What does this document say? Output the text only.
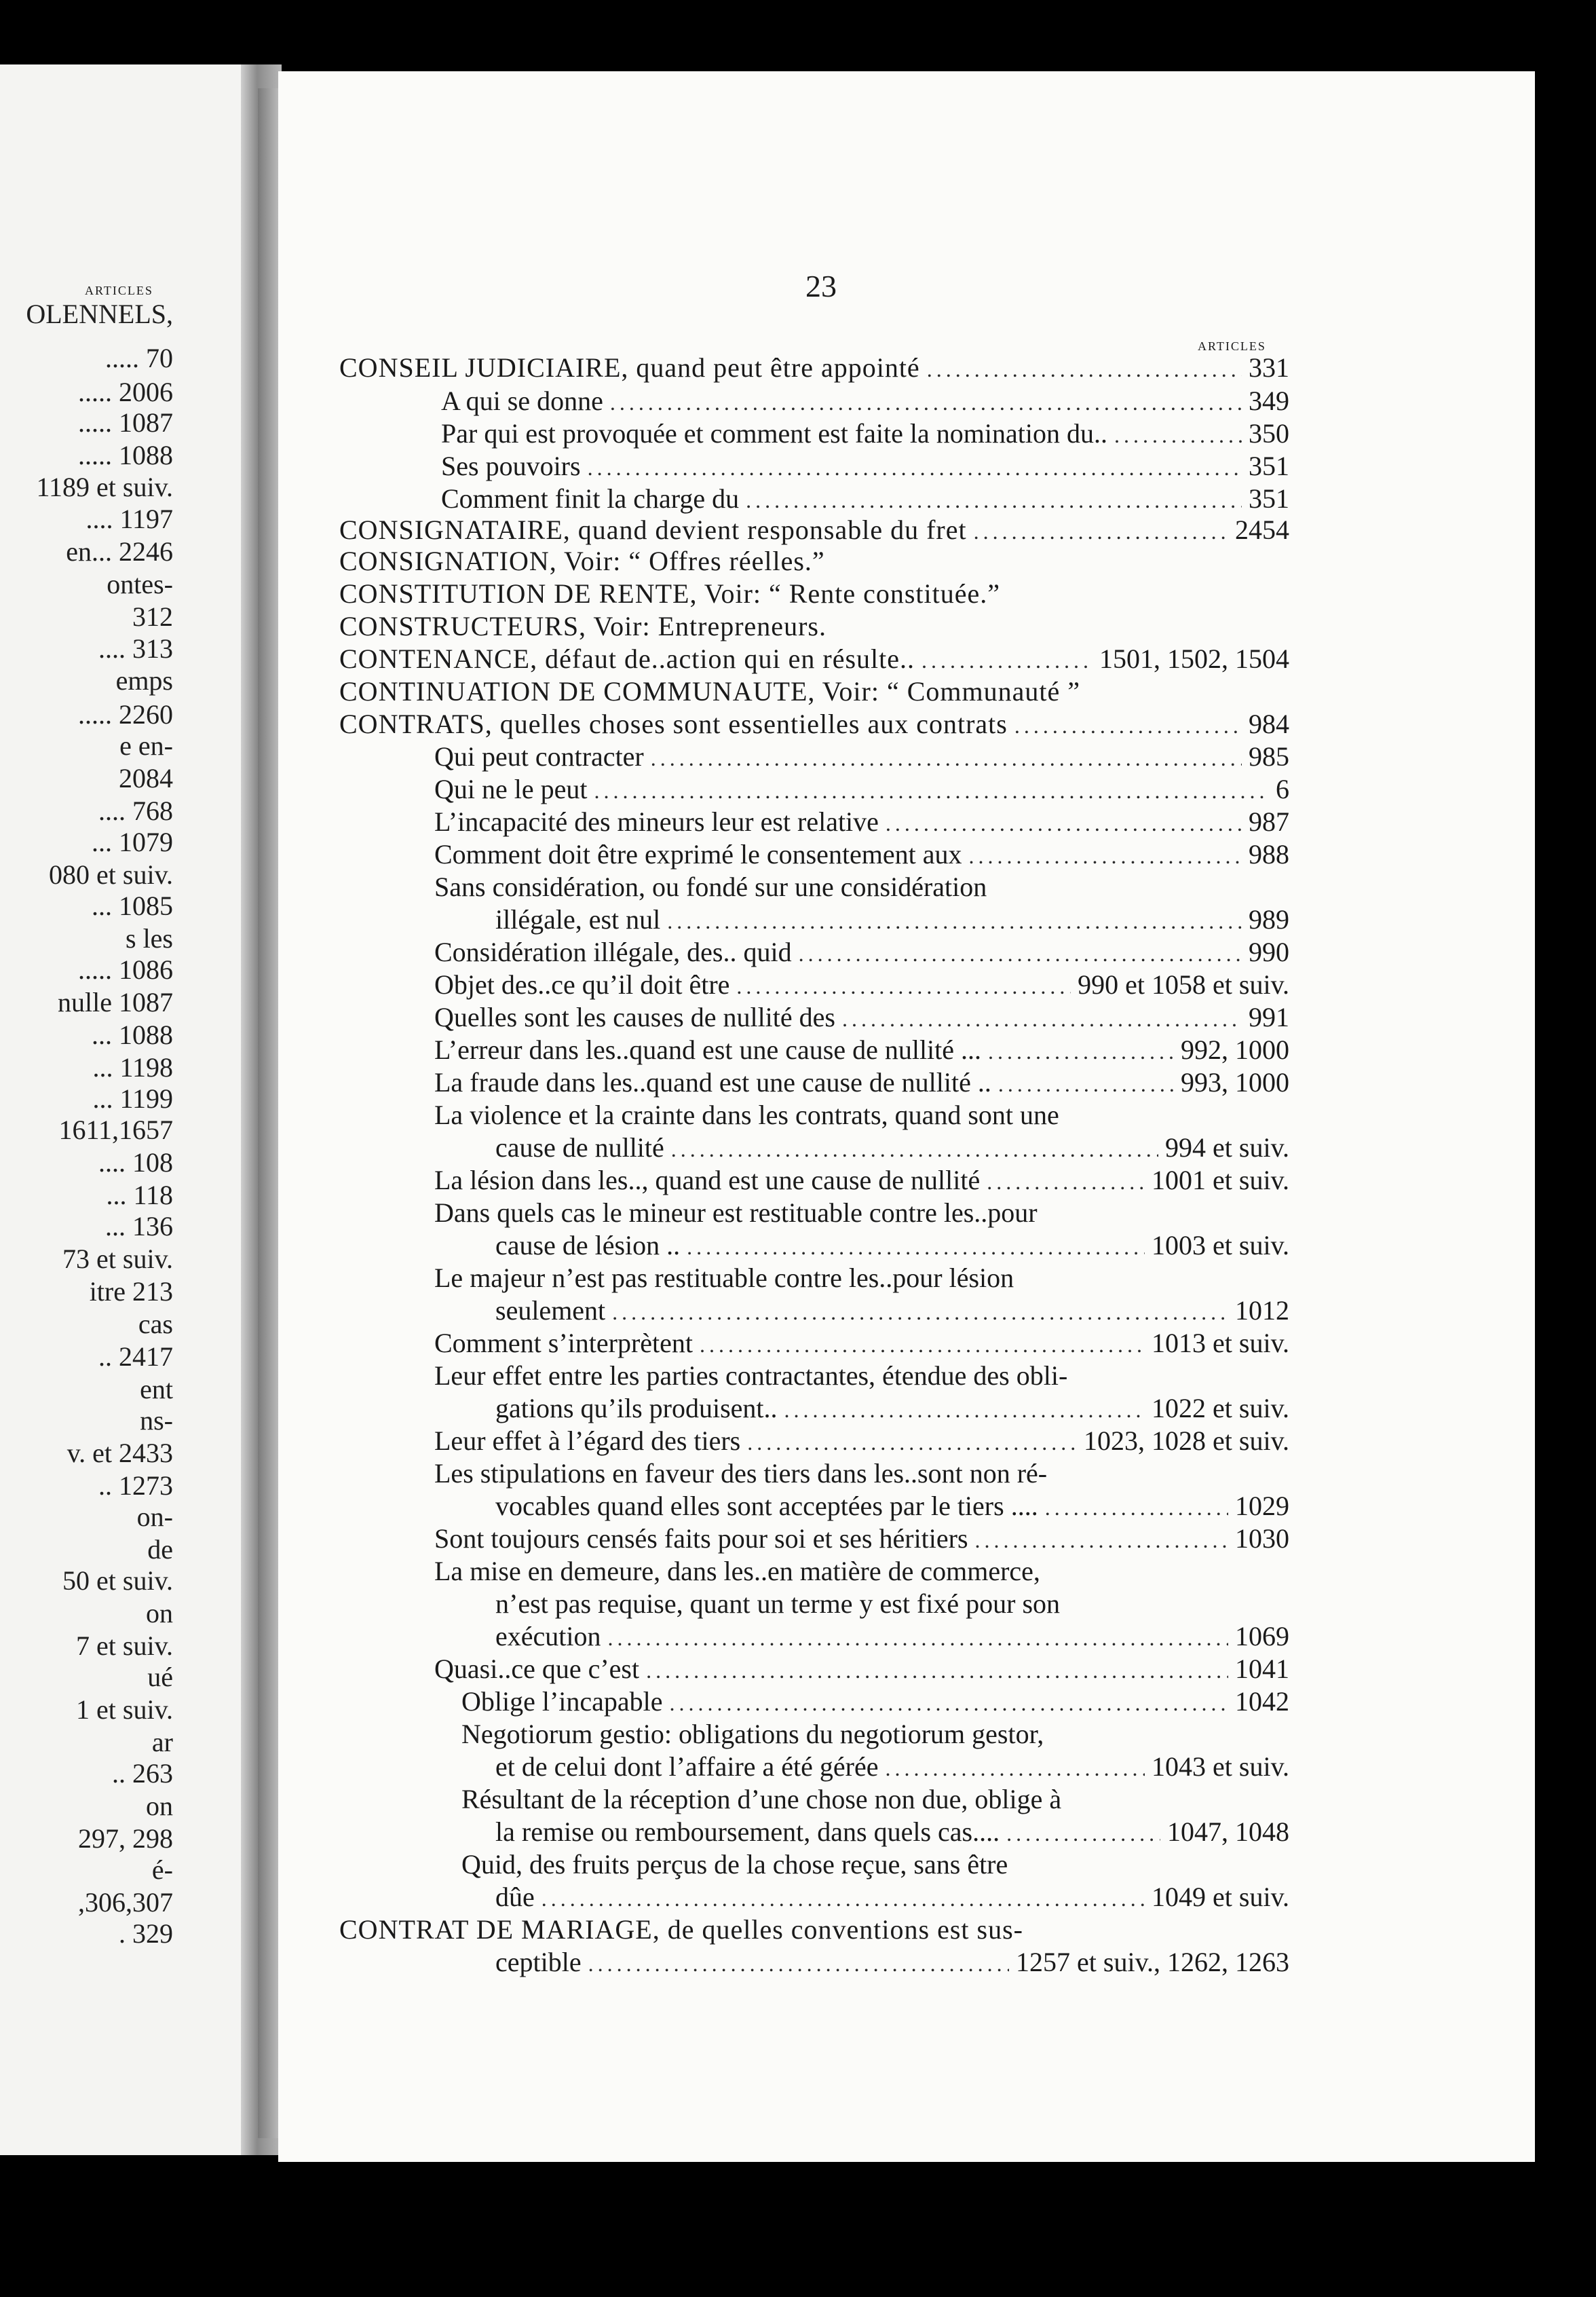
ARTICLES
OLENNELS,
..... 70
..... 2006
..... 1087
..... 1088
1189 et suiv.
.... 1197
en... 2246
ontes-
312
.... 313
emps
..... 2260
e en-
2084
.... 768
... 1079
080 et suiv.
... 1085
s les
..... 1086
nulle 1087
... 1088
... 1198
... 1199
1611,1657
.... 108
... 118
... 136
73 et suiv.
itre 213
cas
.. 2417
ent
ns-
v. et 2433
.. 1273
on-
de
50 et suiv.
on
7 et suiv.
ué
1 et suiv.
ar
.. 263
on
297, 298
é-
,306,307
. 329
23
ARTICLES
CONSEIL JUDICIAIRE, quand peut être appointé .....	331
A qui se donne .....	349
Par qui est provoquée et comment est faite la nomination du.. .....	350
Ses pouvoirs .....	351
Comment finit la charge du .....	351
CONSIGNATAIRE, quand devient responsable du fret .....	2454
CONSIGNATION, Voir: “ Offres réelles.”
CONSTITUTION DE RENTE, Voir: “ Rente constituée.”
CONSTRUCTEURS, Voir: Entrepreneurs.
CONTENANCE, défaut de..action qui en résulte.. .....	1501, 1502, 1504
CONTINUATION DE COMMUNAUTE, Voir: “ Communauté ”
CONTRATS, quelles choses sont essentielles aux contrats .....	984
Qui peut contracter .....	985
Qui ne le peut .....	6
L’incapacité des mineurs leur est relative .....	987
Comment doit être exprimé le consentement aux .....	988
Sans considération, ou fondé sur une considération
illégale, est nul .....	989
Considération illégale, des.. quid .....	990
Objet des..ce qu’il doit être .....	990 et 1058 et suiv.
Quelles sont les causes de nullité des .....	991
L’erreur dans les..quand est une cause de nullité ... .....	992, 1000
La fraude dans les..quand est une cause de nullité .. .....	993, 1000
La violence et la crainte dans les contrats, quand sont une
cause de nullité .....	994 et suiv.
La lésion dans les.., quand est une cause de nullité .....	1001 et suiv.
Dans quels cas le mineur est restituable contre les..pour
cause de lésion .. .....	1003 et suiv.
Le majeur n’est pas restituable contre les..pour lésion
seulement .....	1012
Comment s’interprètent .....	1013 et suiv.
Leur effet entre les parties contractantes, étendue des obli-
gations qu’ils produisent.. .....	1022 et suiv.
Leur effet à l’égard des tiers .....	1023, 1028 et suiv.
Les stipulations en faveur des tiers dans les..sont non ré-
vocables quand elles sont acceptées par le tiers .... .....	1029
Sont toujours censés faits pour soi et ses héritiers .....	1030
La mise en demeure, dans les..en matière de commerce,
n’est pas requise, quant un terme y est fixé pour son
exécution .....	1069
Quasi..ce que c’est .....	1041
Oblige l’incapable .....	1042
Negotiorum gestio: obligations du negotiorum gestor,
et de celui dont l’affaire a été gérée .....	1043 et suiv.
Résultant de la réception d’une chose non due, oblige à
la remise ou remboursement, dans quels cas.... .....	1047, 1048
Quid, des fruits perçus de la chose reçue, sans être
dûe .....	1049 et suiv.
CONTRAT DE MARIAGE, de quelles conventions est sus-
ceptible .....	1257 et suiv., 1262, 1263
